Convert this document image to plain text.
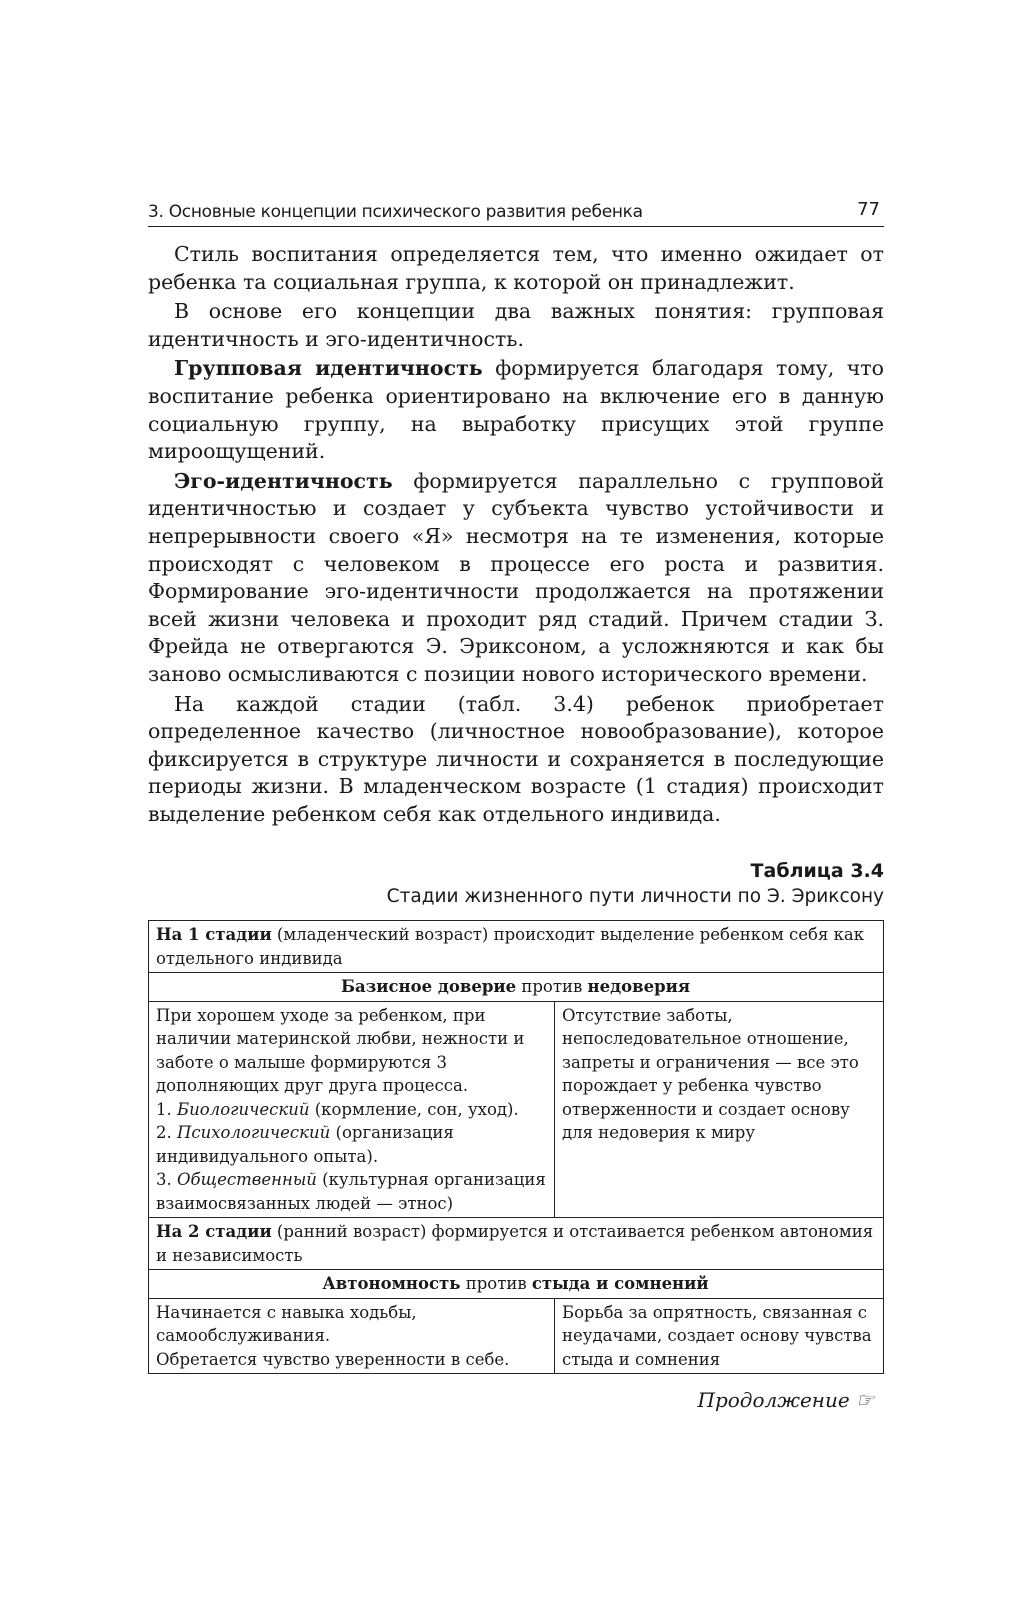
3. Основные концепции психического развития ребенка	77

Стиль воспитания определяется тем, что именно ожидает от ребенка та социальная группа, к которой он принадлежит.

В основе его концепции два важных понятия: групповая идентичность и эго-идентичность.

Групповая идентичность формируется благодаря тому, что воспитание ребенка ориентировано на включение его в данную социальную группу, на выработку присущих этой группе мироощущений.

Эго-идентичность формируется параллельно с групповой идентичностью и создает у субъекта чувство устойчивости и непрерывности своего «Я» несмотря на те изменения, которые происходят с человеком в процессе его роста и развития. Формирование эго-идентичности продолжается на протяжении всей жизни человека и проходит ряд стадий. Причем стадии З. Фрейда не отвергаются Э. Эриксоном, а усложняются и как бы заново осмысливаются с позиции нового исторического времени.

На каждой стадии (табл. 3.4) ребенок приобретает определенное качество (личностное новообразование), которое фиксируется в структуре личности и сохраняется в последующие периоды жизни. В младенческом возрасте (1 стадия) происходит выделение ребенком себя как отдельного индивида.

Таблица 3.4
Стадии жизненного пути личности по Э. Эриксону
На 1 стадии (младенческий возраст) происходит выделение ребенком себя как отдельного индивида	
Базисное доверие против недоверия	
При хорошем уходе за ребенком, при наличии материнской любви, нежности и заботе о малыше формируются 3 дополняющих друг друга процесса.
1. Биологический (кормление, сон, уход).
2. Психологический (организация индивидуального опыта).
3. Общественный (культурная организация взаимосвязанных людей — этнос)	Отсутствие заботы, непоследовательное отношение, запреты и ограничения — все это порождает у ребенка чувство отверженности и создает основу для недоверия к миру
На 2 стадии (ранний возраст) формируется и отстаивается ребенком автономия и независимость	
Автономность против стыда и сомнений	
Начинается с навыка ходьбы, самообслуживания.
Обретается чувство уверенности в себе.	Борьба за опрятность, связанная с неудачами, создает основу чувства стыда и сомнения
Продолжение ☞
